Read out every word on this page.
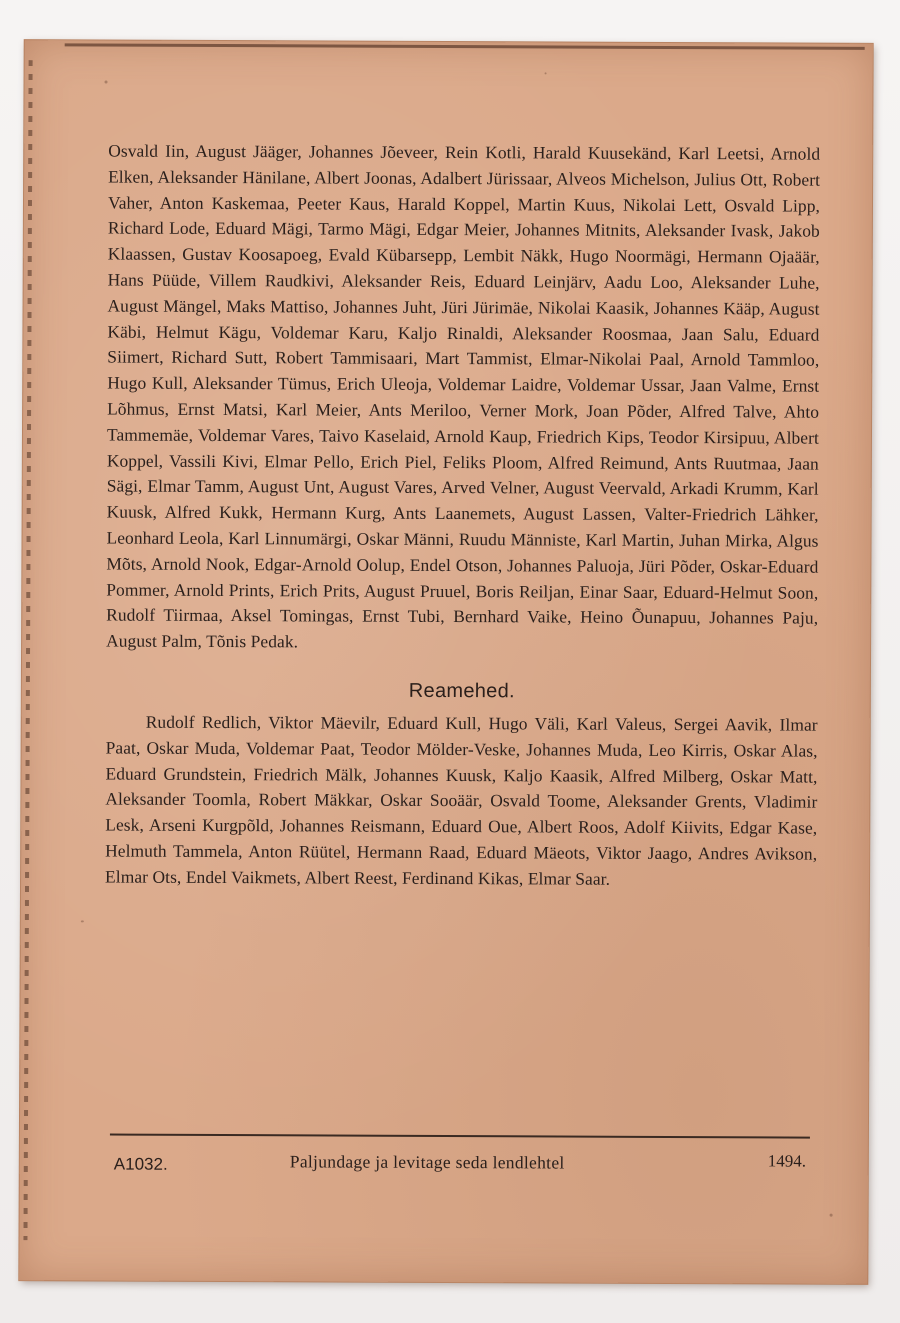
Osvald Iin, August Jääger, Johannes Jõeveer, Rein Kotli, Harald Kuusekänd, Karl Leetsi, Arnold Elken, Aleksander Hänilane, Albert Joonas, Adalbert Jürissaar, Alveos Michelson, Julius Ott, Robert Vaher, Anton Kaskemaa, Peeter Kaus, Harald Koppel, Martin Kuus, Nikolai Lett, Osvald Lipp, Richard Lode, Eduard Mägi, Tarmo Mägi, Edgar Meier, Johannes Mitnits, Aleksander Ivask, Jakob Klaassen, Gustav Koosapoeg, Evald Kübarsepp, Lembit Näkk, Hugo Noormägi, Hermann Ojaäär, Hans Püüde, Villem Raudkivi, Aleksander Reis, Eduard Leinjärv, Aadu Loo, Aleksander Luhe, August Mängel, Maks Mattiso, Johannes Juht, Jüri Jürimäe, Nikolai Kaasik, Johannes Kääp, August Käbi, Helmut Kägu, Voldemar Karu, Kaljo Rinaldi, Aleksander Roosmaa, Jaan Salu, Eduard Siimert, Richard Sutt, Robert Tammisaari, Mart Tammist, Elmar-Nikolai Paal, Arnold Tammloo, Hugo Kull, Aleksander Tümus, Erich Uleoja, Voldemar Laidre, Voldemar Ussar, Jaan Valme, Ernst Lõhmus, Ernst Matsi, Karl Meier, Ants Meriloo, Verner Mork, Joan Põder, Alfred Talve, Ahto Tammemäe, Voldemar Vares, Taivo Kaselaid, Arnold Kaup, Friedrich Kips, Teodor Kirsipuu, Albert Koppel, Vassili Kivi, Elmar Pello, Erich Piel, Feliks Ploom, Alfred Reimund, Ants Ruutmaa, Jaan Sägi, Elmar Tamm, August Unt, August Vares, Arved Velner, August Veervald, Arkadi Krumm, Karl Kuusk, Alfred Kukk, Hermann Kurg, Ants Laanemets, August Lassen, Valter-Friedrich Lähker, Leonhard Leola, Karl Linnumärgi, Oskar Männi, Ruudu Männiste, Karl Martin, Juhan Mirka, Algus Mõts, Arnold Nook, Edgar-Arnold Oolup, Endel Otson, Johannes Paluoja, Jüri Põder, Oskar-Eduard Pommer, Arnold Prints, Erich Prits, August Pruuel, Boris Reiljan, Einar Saar, Eduard-Helmut Soon, Rudolf Tiirmaa, Aksel Tomingas, Ernst Tubi, Bernhard Vaike, Heino Õunapuu, Johannes Paju, August Palm, Tõnis Pedak.

Reamehed.

Rudolf Redlich, Viktor Mäevilr, Eduard Kull, Hugo Väli, Karl Valeus, Sergei Aavik, Ilmar Paat, Oskar Muda, Voldemar Paat, Teodor Mölder-Veske, Johannes Muda, Leo Kirris, Oskar Alas, Eduard Grundstein, Friedrich Mälk, Johannes Kuusk, Kaljo Kaasik, Alfred Milberg, Oskar Matt, Aleksander Toomla, Robert Mäkkar, Oskar Sooäär, Osvald Toome, Aleksander Grents, Vladimir Lesk, Arseni Kurgpõld, Johannes Reismann, Eduard Oue, Albert Roos, Adolf Kiivits, Edgar Kase, Helmuth Tammela, Anton Rüütel, Hermann Raad, Eduard Mäeots, Viktor Jaago, Andres Avikson, Elmar Ots, Endel Vaikmets, Albert Reest, Ferdinand Kikas, Elmar Saar.

A1032.	Paljundage ja levitage seda lendlehtel	1494.
